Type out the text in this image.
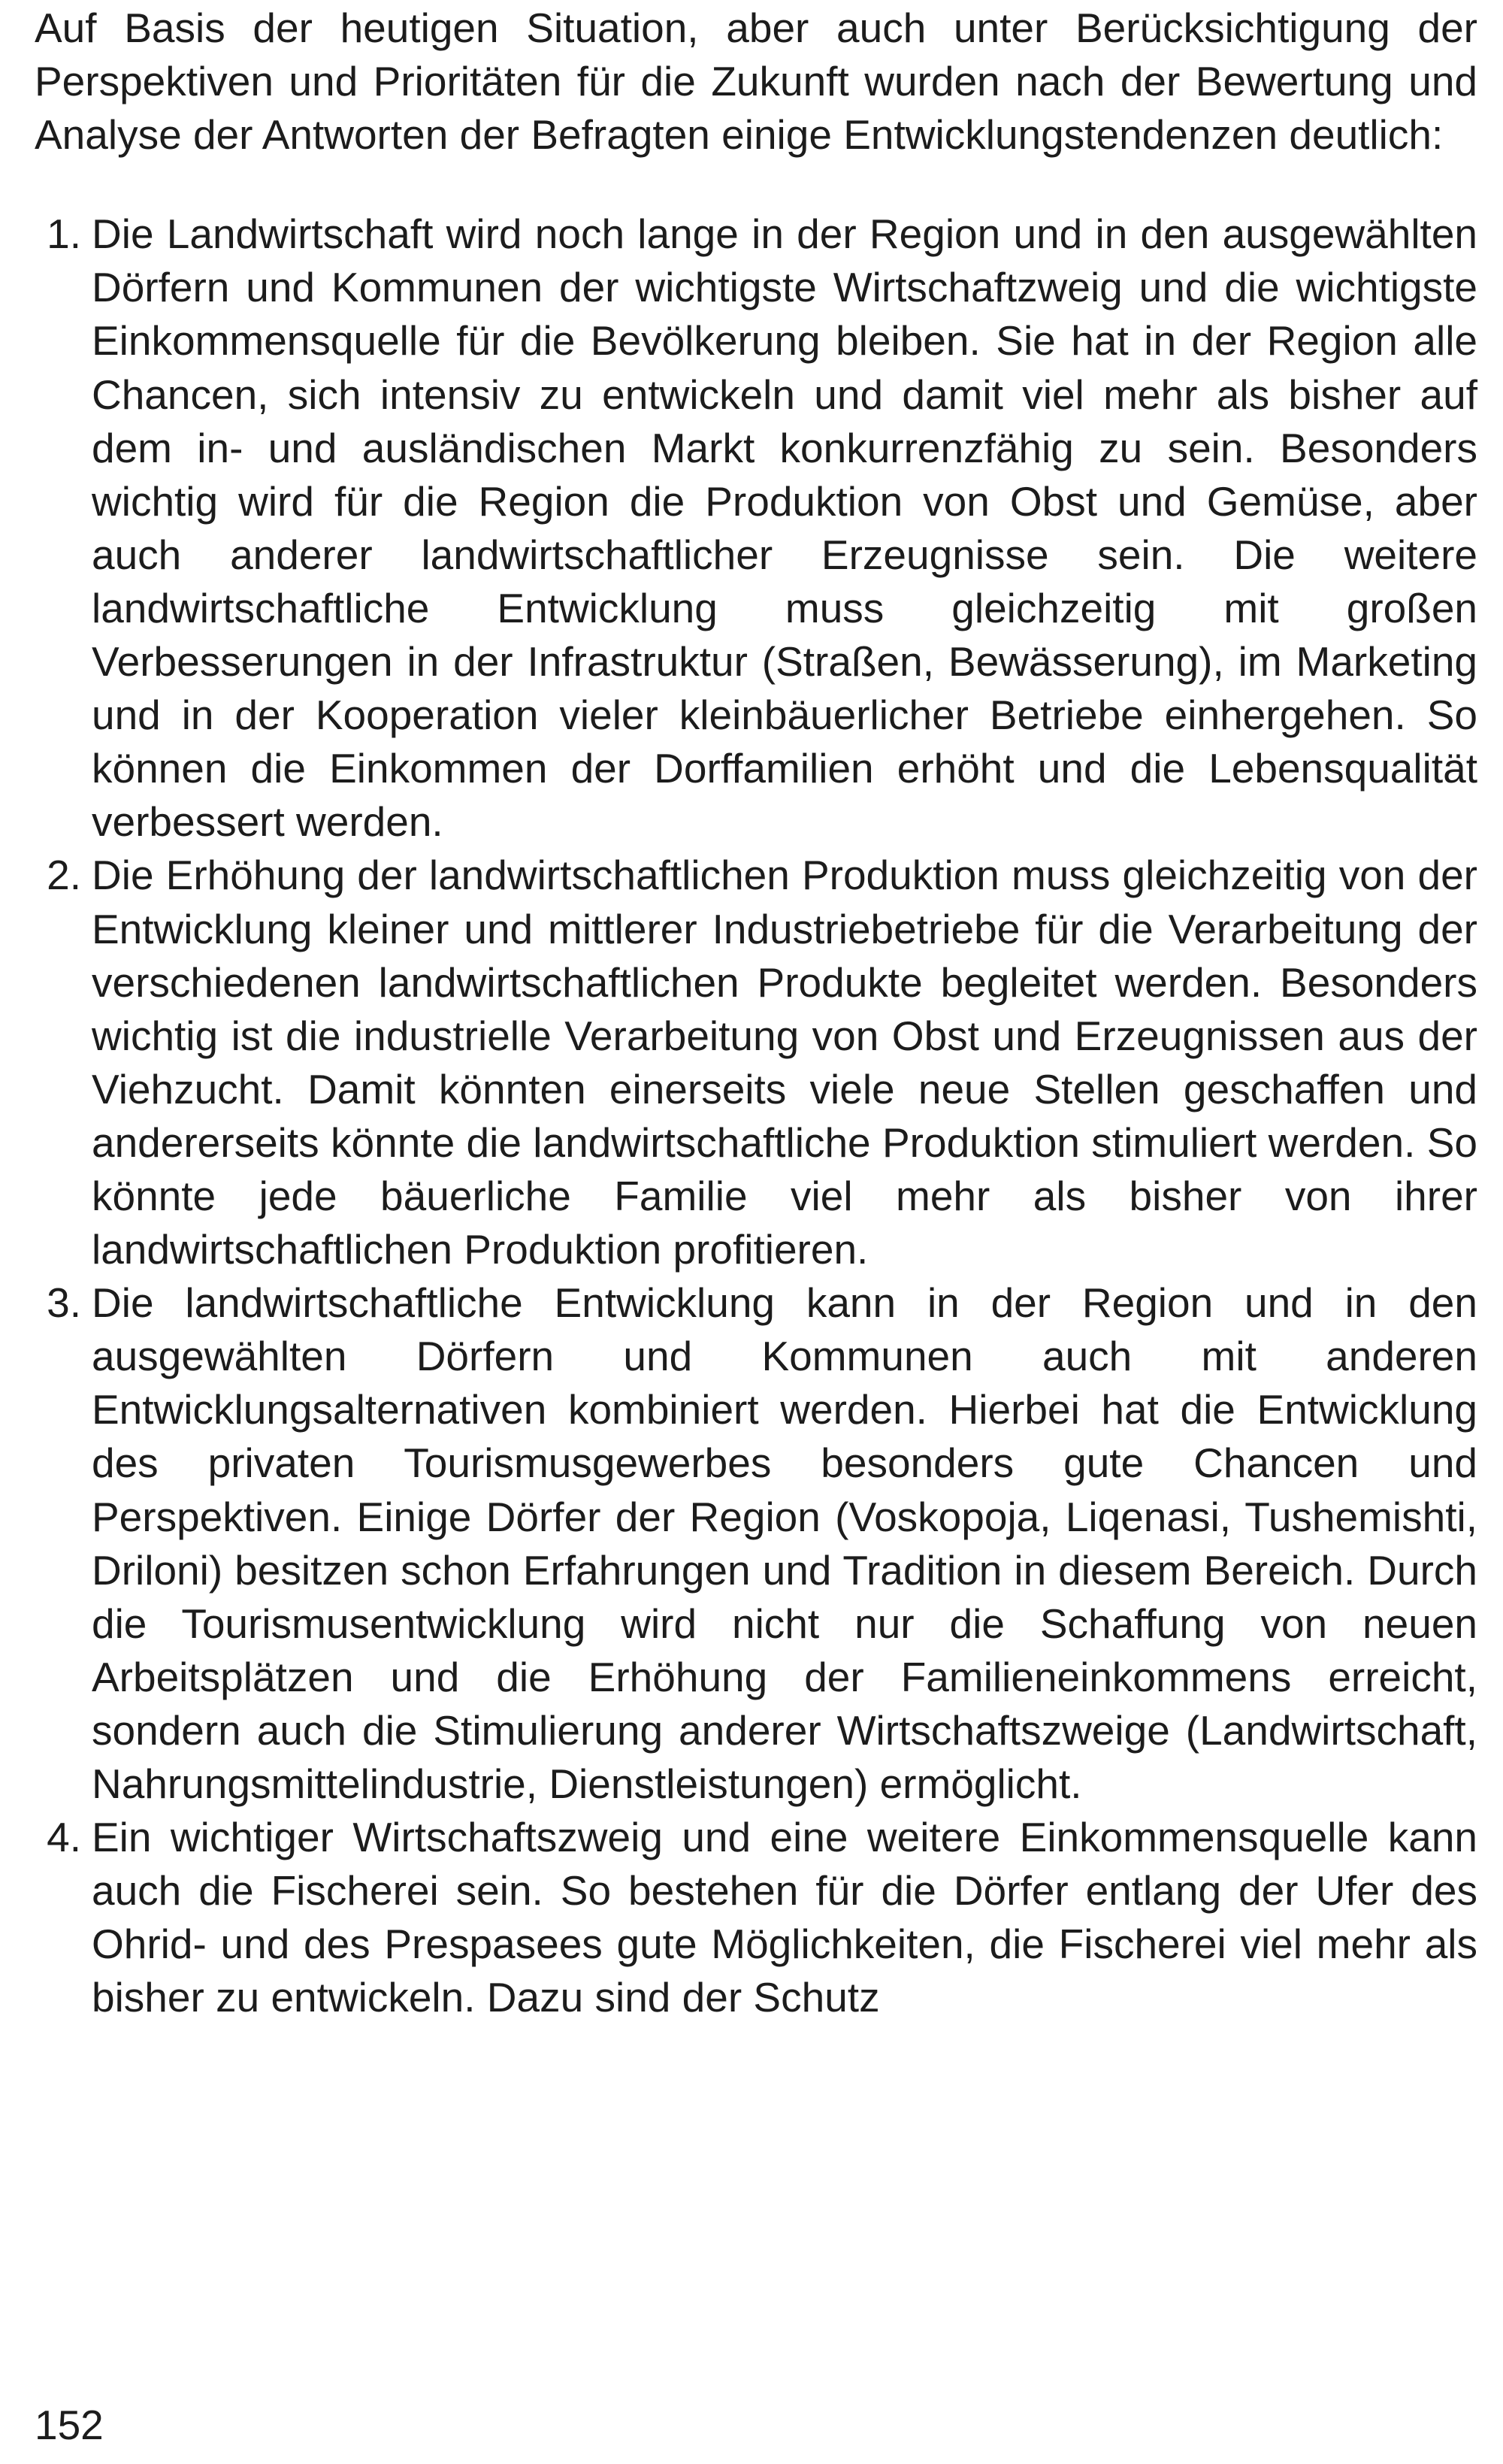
Auf Basis der heutigen Situation, aber auch unter Berücksichtigung der Perspektiven und Prioritäten für die Zukunft wurden nach der Bewertung und Analyse der Antworten der Befragten einige Entwicklungstendenzen deutlich:

1. Die Landwirtschaft wird noch lange in der Region und in den ausgewählten Dörfern und Kommunen der wichtigste Wirtschaftzweig und die wichtigste Einkommensquelle für die Bevölkerung bleiben. Sie hat in der Region alle Chancen, sich intensiv zu entwickeln und damit viel mehr als bisher auf dem in- und ausländischen Markt konkurrenzfähig zu sein. Besonders wichtig wird für die Region die Produktion von Obst und Gemüse, aber auch anderer landwirtschaftlicher Erzeugnisse sein. Die weitere landwirtschaftliche Entwicklung muss gleichzeitig mit großen Verbesserungen in der Infrastruktur (Straßen, Bewässerung), im Marketing und in der Kooperation vieler kleinbäuerlicher Betriebe einhergehen. So können die Einkommen der Dorffamilien erhöht und die Lebensqualität verbessert werden.
2. Die Erhöhung der landwirtschaftlichen Produktion muss gleichzeitig von der Entwicklung kleiner und mittlerer Industriebetriebe für die Verarbeitung der verschiedenen landwirtschaftlichen Produkte begleitet werden. Besonders wichtig ist die industrielle Verarbeitung von Obst und Erzeugnissen aus der Viehzucht. Damit könnten einerseits viele neue Stellen geschaffen und andererseits könnte die landwirtschaftliche Produktion stimuliert werden. So könnte jede bäuerliche Familie viel mehr als bisher von ihrer landwirtschaftlichen Produktion profitieren.
3. Die landwirtschaftliche Entwicklung kann in der Region und in den ausgewählten Dörfern und Kommunen auch mit anderen Entwicklungsalternativen kombiniert werden. Hierbei hat die Entwicklung des privaten Tourismusgewerbes besonders gute Chancen und Perspektiven. Einige Dörfer der Region (Voskopoja, Liqenasi, Tushemishti, Driloni) besitzen schon Erfahrungen und Tradition in diesem Bereich. Durch die Tourismusentwicklung wird nicht nur die Schaffung von neuen Arbeitsplätzen und die Erhöhung der Familieneinkommens erreicht, sondern auch die Stimulierung anderer Wirtschaftszweige (Landwirtschaft, Nahrungsmittelindustrie, Dienstleistungen) ermöglicht.
4. Ein wichtiger Wirtschaftszweig und eine weitere Einkommensquelle kann auch die Fischerei sein. So bestehen für die Dörfer entlang der Ufer des Ohrid- und des Prespasees gute Möglichkeiten, die Fischerei viel mehr als bisher zu entwickeln. Dazu sind der Schutz
152
